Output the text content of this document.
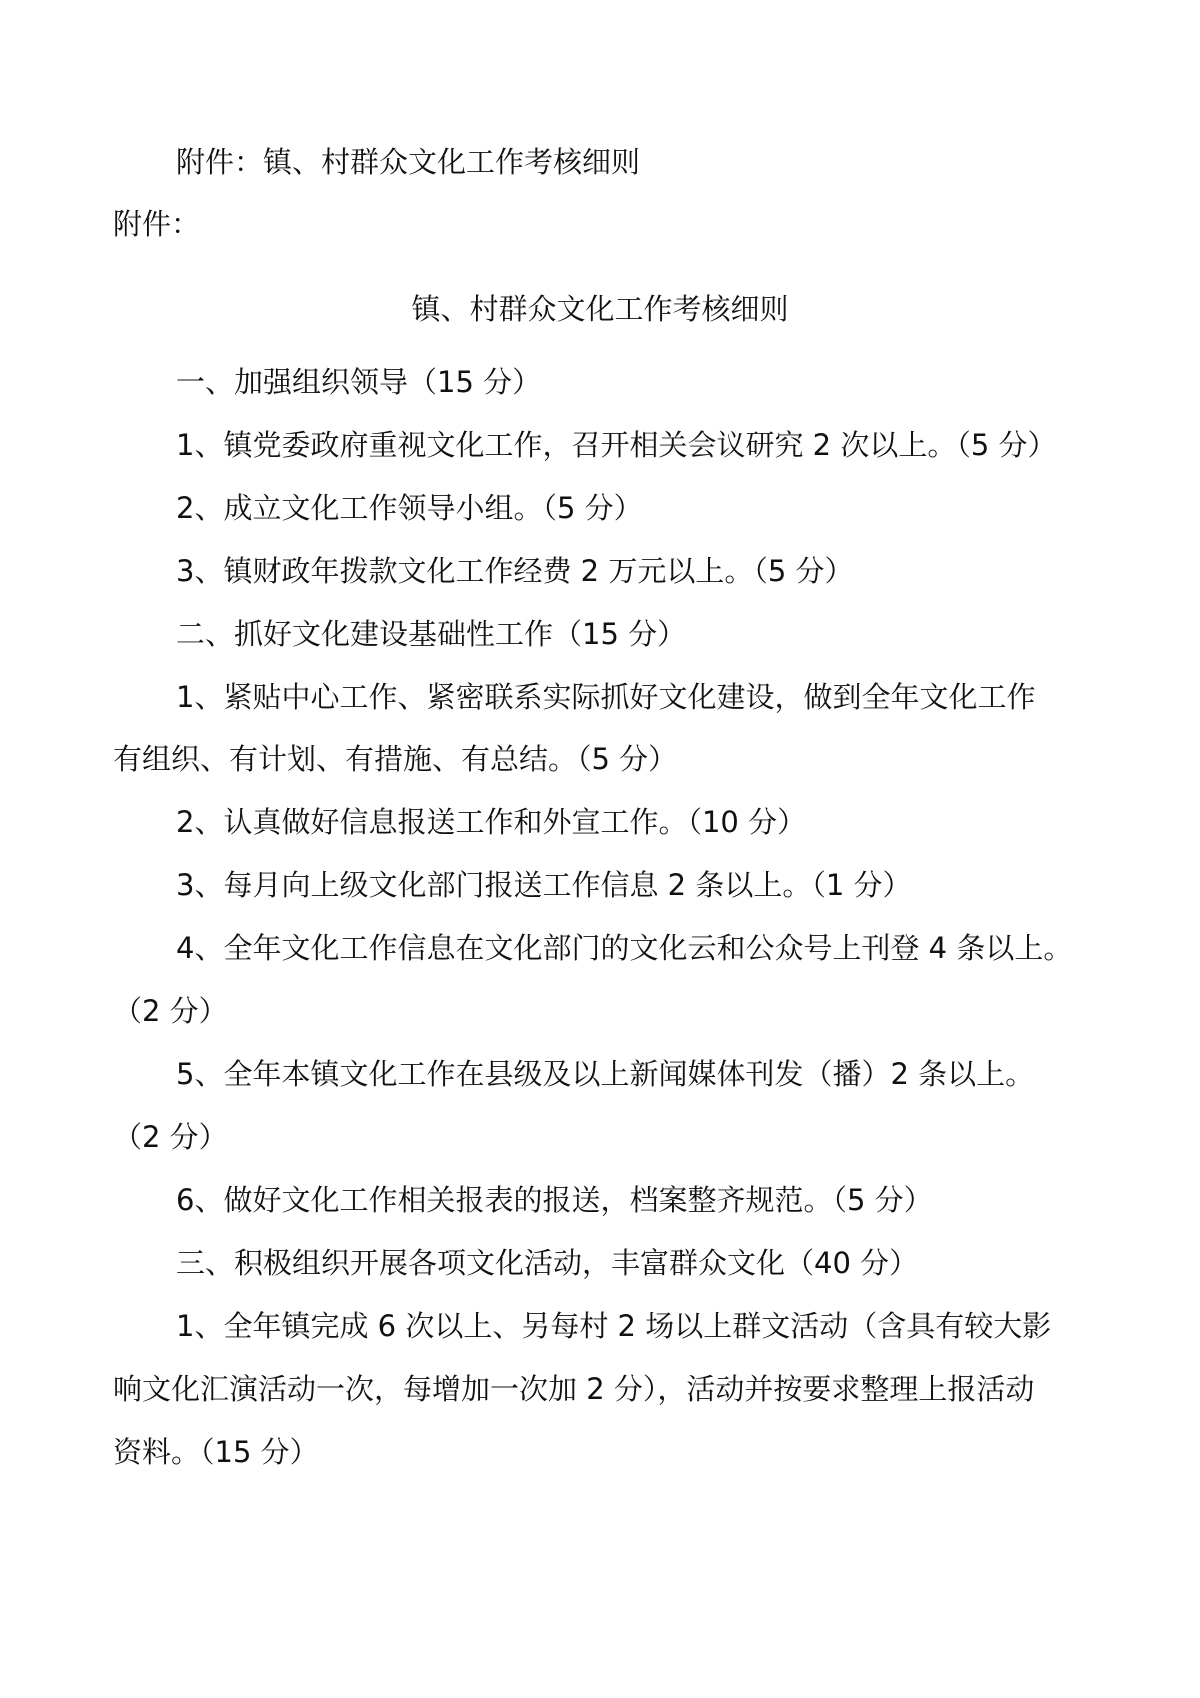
附件：镇、村群众文化工作考核细则

附件：

镇、村群众文化工作考核细则

一、加强组织领导（15 分）

1、镇党委政府重视文化工作，召开相关会议研究 2 次以上。（5 分）

2、成立文化工作领导小组。（5 分）

3、镇财政年拨款文化工作经费 2 万元以上。（5 分）

二、抓好文化建设基础性工作（15 分）

1、紧贴中心工作、紧密联系实际抓好文化建设，做到全年文化工作

有组织、有计划、有措施、有总结。（5 分）

2、认真做好信息报送工作和外宣工作。（10 分）

3、每月向上级文化部门报送工作信息 2 条以上。（1 分）

4、全年文化工作信息在文化部门的文化云和公众号上刊登 4 条以上。

（2 分）

5、全年本镇文化工作在县级及以上新闻媒体刊发（播）2 条以上。

（2 分）

6、做好文化工作相关报表的报送，档案整齐规范。（5 分）

三、积极组织开展各项文化活动，丰富群众文化（40 分）

1、全年镇完成 6 次以上、另每村 2 场以上群文活动（含具有较大影

响文化汇演活动一次，每增加一次加 2 分），活动并按要求整理上报活动

资料。（15 分）
